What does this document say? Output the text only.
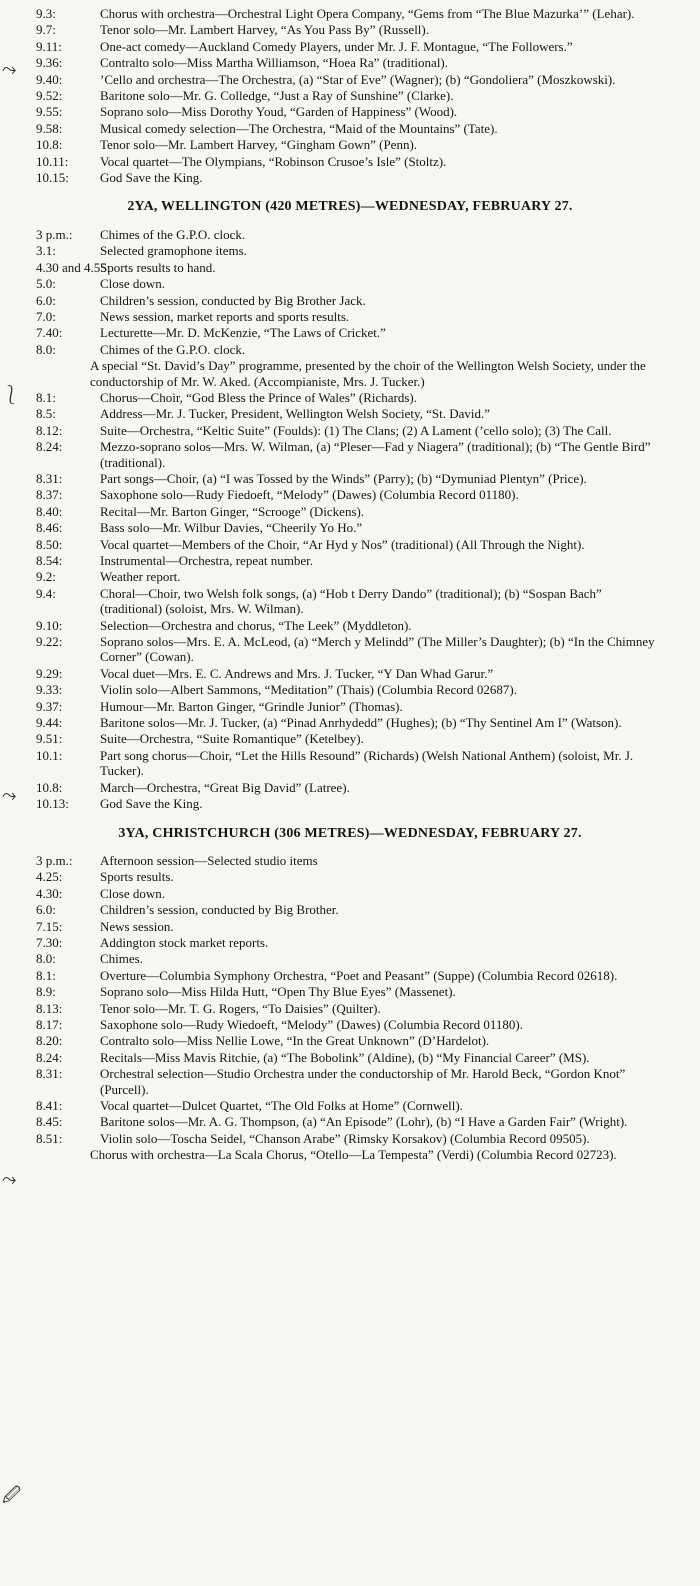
9.3:	Chorus with orchestra—Orchestral Light Opera Company, “Gems from “The Blue Mazurka’” (Lehar).
9.7:	Tenor solo—Mr. Lambert Harvey, “As You Pass By” (Russell).
9.11:	One-act comedy—Auckland Comedy Players, under Mr. J. F. Montague, “The Followers.”
9.36:	Contralto solo—Miss Martha Williamson, “Hoea Ra” (traditional).
9.40:	’Cello and orchestra—The Orchestra, (a) “Star of Eve” (Wagner); (b) “Gondoliera” (Moszkowski).
9.52:	Baritone solo—Mr. G. Colledge, “Just a Ray of Sunshine” (Clarke).
9.55:	Soprano solo—Miss Dorothy Youd, “Garden of Happiness” (Wood).
9.58:	Musical comedy selection—The Orchestra, “Maid of the Mountains” (Tate).
10.8:	Tenor solo—Mr. Lambert Harvey, “Gingham Gown” (Penn).
10.11:	Vocal quartet—The Olympians, “Robinson Crusoe’s Isle” (Stoltz).
10.15:	God Save the King.
2YA, WELLINGTON (420 METRES)—WEDNESDAY, FEBRUARY 27.
3 p.m.:	Chimes of the G.P.O. clock.
3.1:	Selected gramophone items.
4.30 and 4.55:
Sports results to hand.
5.0:	Close down.
6.0:	Children’s session, conducted by Big Brother Jack.
7.0:	News session, market reports and sports results.
7.40:	Lecturette—Mr. D. McKenzie, “The Laws of Cricket.”
8.0:	Chimes of the G.P.O. clock.
A special “St. David’s Day” programme, presented by the choir of the Wellington Welsh Society, under the conductorship of Mr. W. Aked. (Accompianiste, Mrs. J. Tucker.)
8.1:	Chorus—Choir, “God Bless the Prince of Wales” (Richards).
8.5:	Address—Mr. J. Tucker, President, Wellington Welsh Society, “St. David.”
8.12:	Suite—Orchestra, “Keltic Suite” (Foulds): (1) The Clans; (2) A Lament (’cello solo); (3) The Call.
8.24:	Mezzo-soprano solos—Mrs. W. Wilman, (a) “Pleser—Fad y Niagera” (traditional); (b) “The Gentle Bird” (traditional).
8.31:	Part songs—Choir, (a) “I was Tossed by the Winds” (Parry); (b) “Dymuniad Plentyn” (Price).
8.37:	Saxophone solo—Rudy Fiedoeft, “Melody” (Dawes) (Columbia Record 01180).
8.40:	Recital—Mr. Barton Ginger, “Scrooge” (Dickens).
8.46:	Bass solo—Mr. Wilbur Davies, “Cheerily Yo Ho.”
8.50:	Vocal quartet—Members of the Choir, “Ar Hyd y Nos” (traditional) (All Through the Night).
8.54:	Instrumental—Orchestra, repeat number.
9.2:	Weather report.
9.4:	Choral—Choir, two Welsh folk songs, (a) “Hob t Derry Dando” (traditional); (b) “Sospan Bach” (traditional) (soloist, Mrs. W. Wilman).
9.10:	Selection—Orchestra and chorus, “The Leek” (Myddleton).
9.22:	Soprano solos—Mrs. E. A. McLeod, (a) “Merch y Melindd” (The Miller’s Daughter); (b) “In the Chimney Corner” (Cowan).
9.29:	Vocal duet—Mrs. E. C. Andrews and Mrs. J. Tucker, “Y Dan Whad Garur.”
9.33:	Violin solo—Albert Sammons, “Meditation” (Thais) (Columbia Record 02687).
9.37:	Humour—Mr. Barton Ginger, “Grindle Junior” (Thomas).
9.44:	Baritone solos—Mr. J. Tucker, (a) “Pinad Anrhydedd” (Hughes); (b) “Thy Sentinel Am I” (Watson).
9.51:	Suite—Orchestra, “Suite Romantique” (Ketelbey).
10.1:	Part song chorus—Choir, “Let the Hills Resound” (Richards) (Welsh National Anthem) (soloist, Mr. J. Tucker).
10.8:	March—Orchestra, “Great Big David” (Latree).
10.13:	God Save the King.
3YA, CHRISTCHURCH (306 METRES)—WEDNESDAY, FEBRUARY 27.
3 p.m.:	Afternoon session—Selected studio items
4.25:	Sports results.
4.30:	Close down.
6.0:	Children’s session, conducted by Big Brother.
7.15:	News session.
7.30:	Addington stock market reports.
8.0:	Chimes.
8.1:	Overture—Columbia Symphony Orchestra, “Poet and Peasant” (Suppe) (Columbia Record 02618).
8.9:	Soprano solo—Miss Hilda Hutt, “Open Thy Blue Eyes” (Massenet).
8.13:	Tenor solo—Mr. T. G. Rogers, “To Daisies” (Quilter).
8.17:	Saxophone solo—Rudy Wiedoeft, “Melody” (Dawes) (Columbia Record 01180).
8.20:	Contralto solo—Miss Nellie Lowe, “In the Great Unknown” (D’Hardelot).
8.24:	Recitals—Miss Mavis Ritchie, (a) “The Bobolink” (Aldine), (b) “My Financial Career” (MS).
8.31:	Orchestral selection—Studio Orchestra under the conductorship of Mr. Harold Beck, “Gordon Knot” (Purcell).
8.41:	Vocal quartet—Dulcet Quartet, “The Old Folks at Home” (Cornwell).
8.45:	Baritone solos—Mr. A. G. Thompson, (a) “An Episode” (Lohr), (b) “I Have a Garden Fair” (Wright).
8.51:	Violin solo—Toscha Seidel, “Chanson Arabe” (Rimsky Korsakov) (Columbia Record 09505).
Chorus with orchestra—La Scala Chorus, “Otello—La Tempesta” (Verdi) (Columbia Record 02723).
⤳
⎱
⤳
⤳
🖉
